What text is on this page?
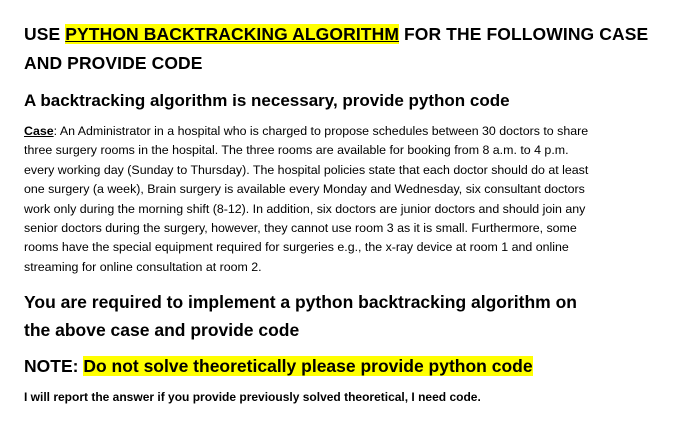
USE PYTHON BACKTRACKING ALGORITHM FOR THE FOLLOWING CASE
AND PROVIDE CODE

A backtracking algorithm is necessary, provide python code

Case: An Administrator in a hospital who is charged to propose schedules between 30 doctors to share
three surgery rooms in the hospital. The three rooms are available for booking from 8 a.m. to 4 p.m.
every working day (Sunday to Thursday). The hospital policies state that each doctor should do at least
one surgery (a week), Brain surgery is available every Monday and Wednesday, six consultant doctors
work only during the morning shift (8-12). In addition, six doctors are junior doctors and should join any
senior doctors during the surgery, however, they cannot use room 3 as it is small. Furthermore, some
rooms have the special equipment required for surgeries e.g., the x-ray device at room 1 and online
streaming for online consultation at room 2.

You are required to implement a python backtracking algorithm on
the above case and provide code

NOTE: Do not solve theoretically please provide python code

I will report the answer if you provide previously solved theoretical, I need code.
